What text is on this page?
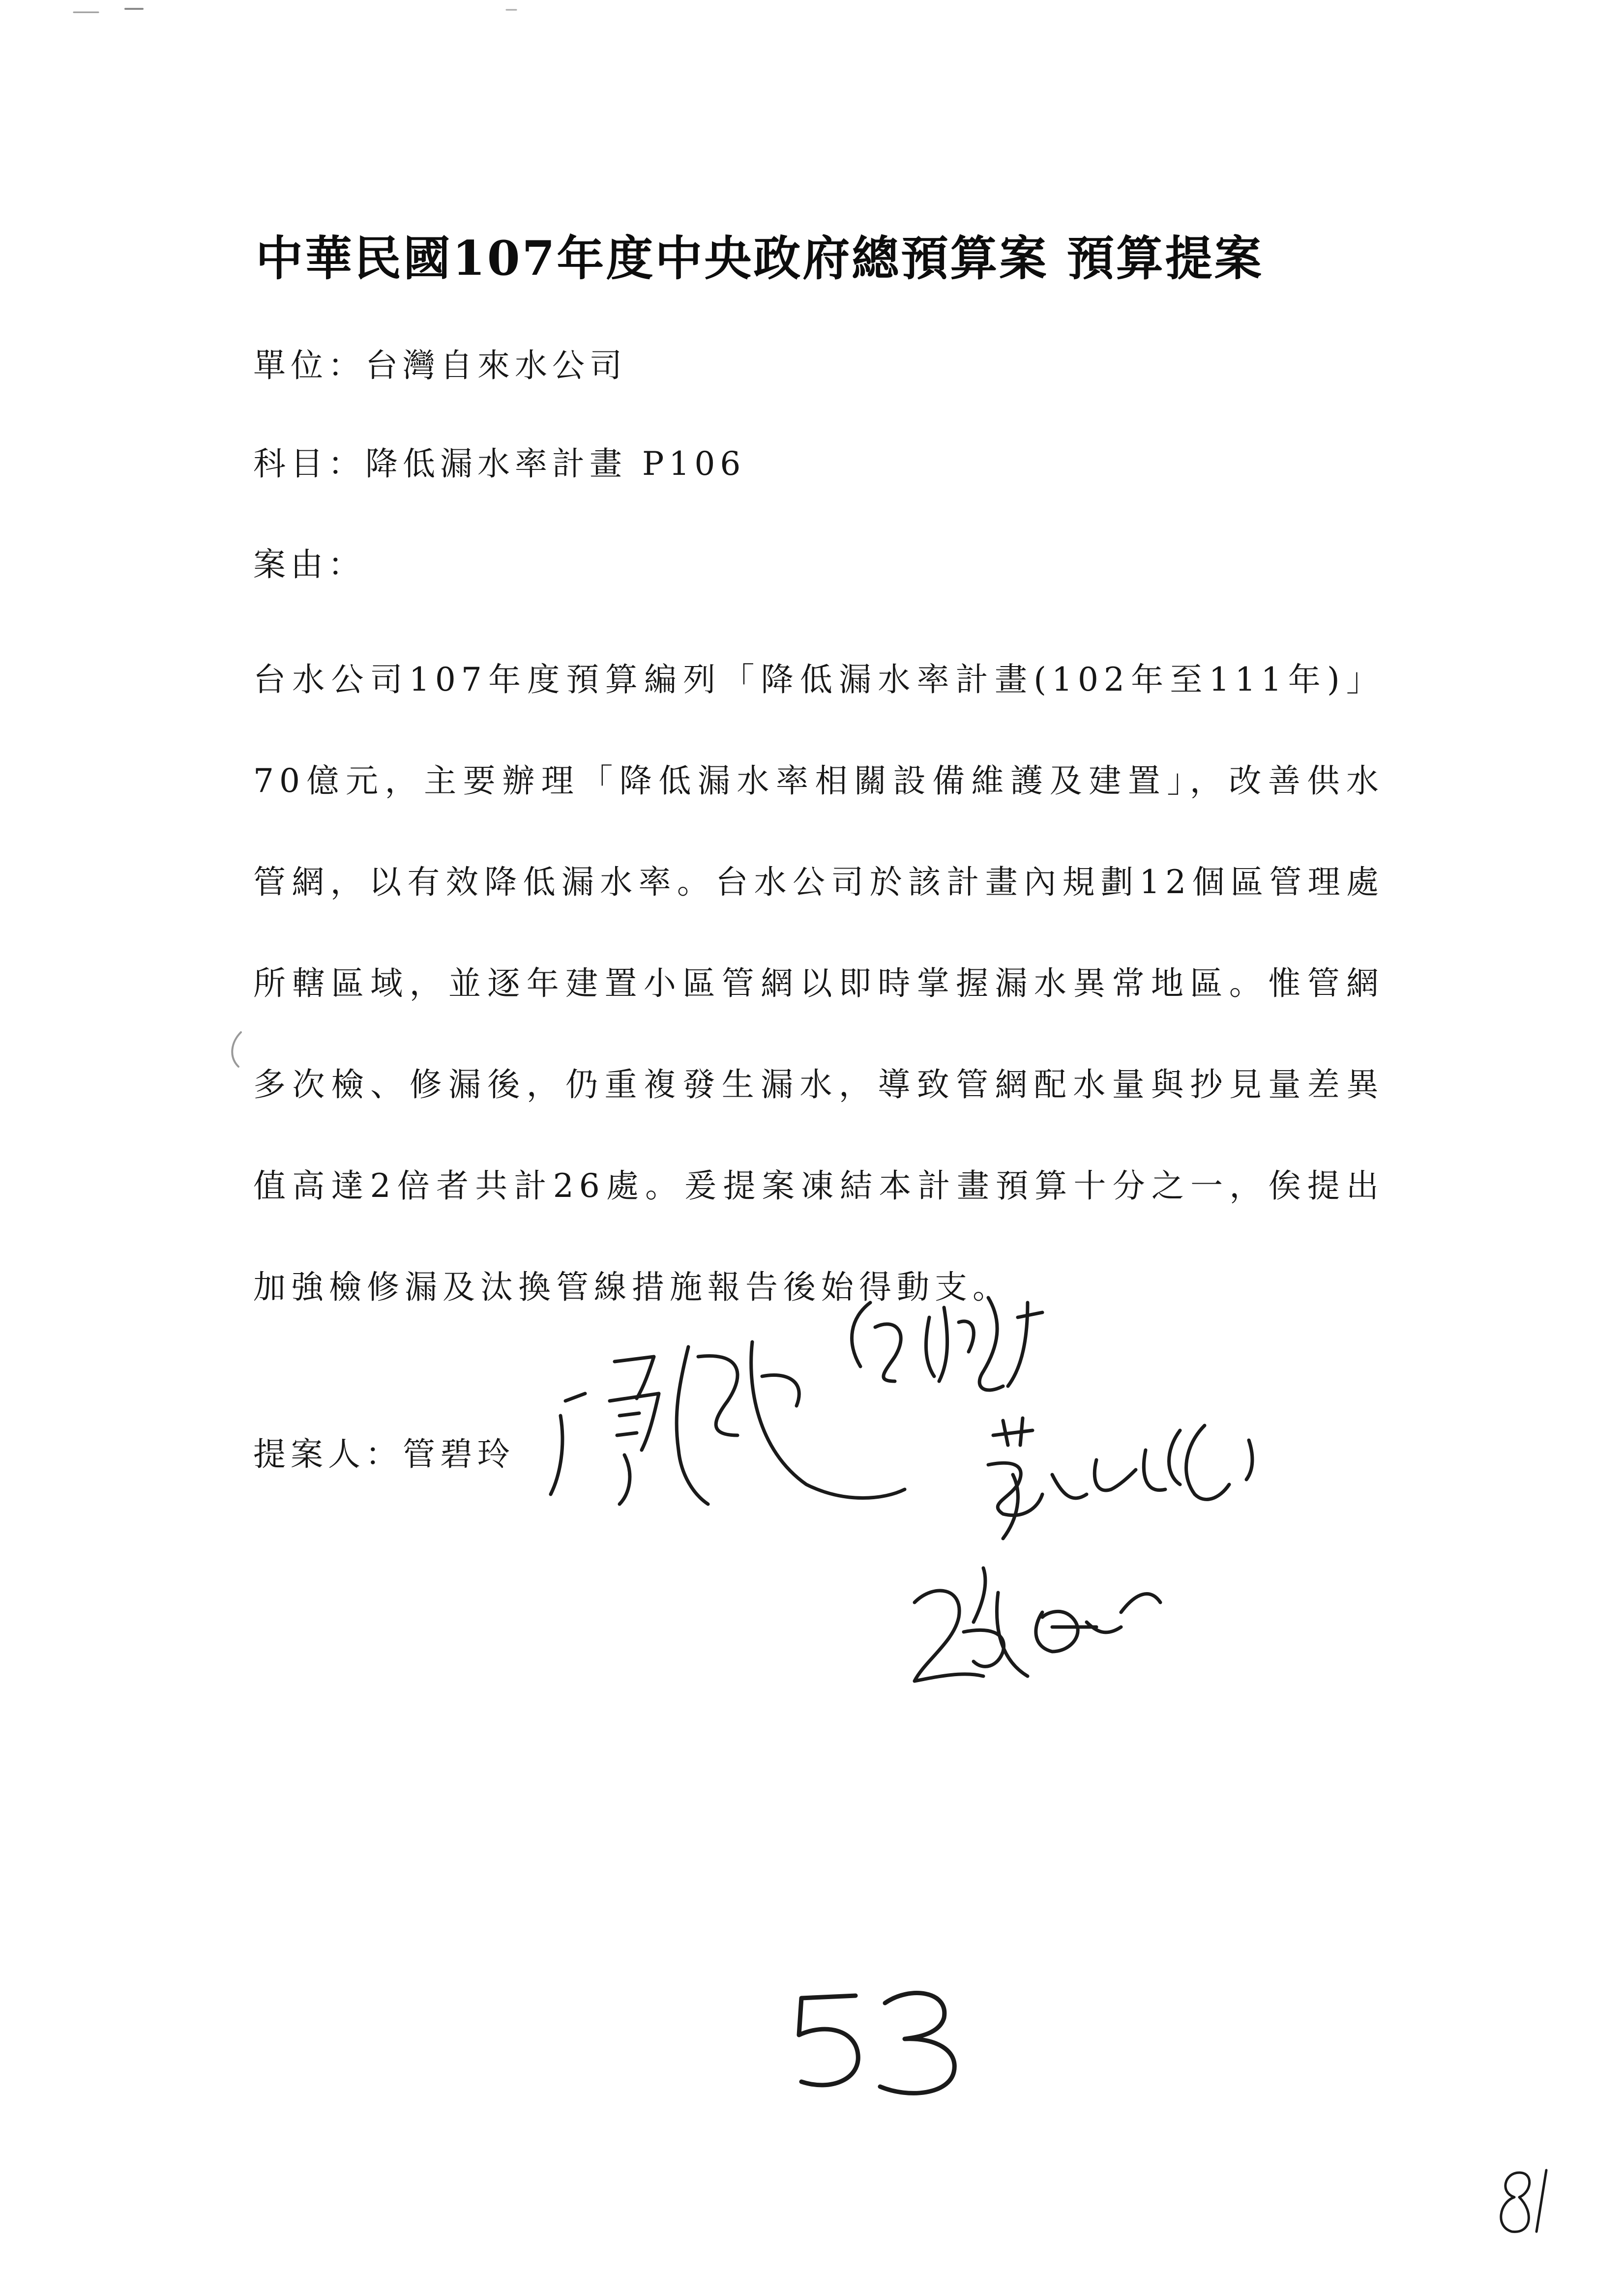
中華民國107年度中央政府總預算案 預算提案
單位：台灣自來水公司
科目：降低漏水率計畫 P106
案由：
台水公司107年度預算編列「降低漏水率計畫(102年至111年)」70億元，主要辦理「降低漏水率相關設備維護及建置」，改善供水管網，以有效降低漏水率。台水公司於該計畫內規劃12個區管理處所轄區域，並逐年建置小區管網以即時掌握漏水異常地區。惟管網多次檢、修漏後，仍重複發生漏水，導致管網配水量與抄見量差異值高達2倍者共計26處。爰提案凍結本計畫預算十分之一，俟提出加強檢修漏及汰換管線措施報告後始得動支。
提案人：管碧玲
